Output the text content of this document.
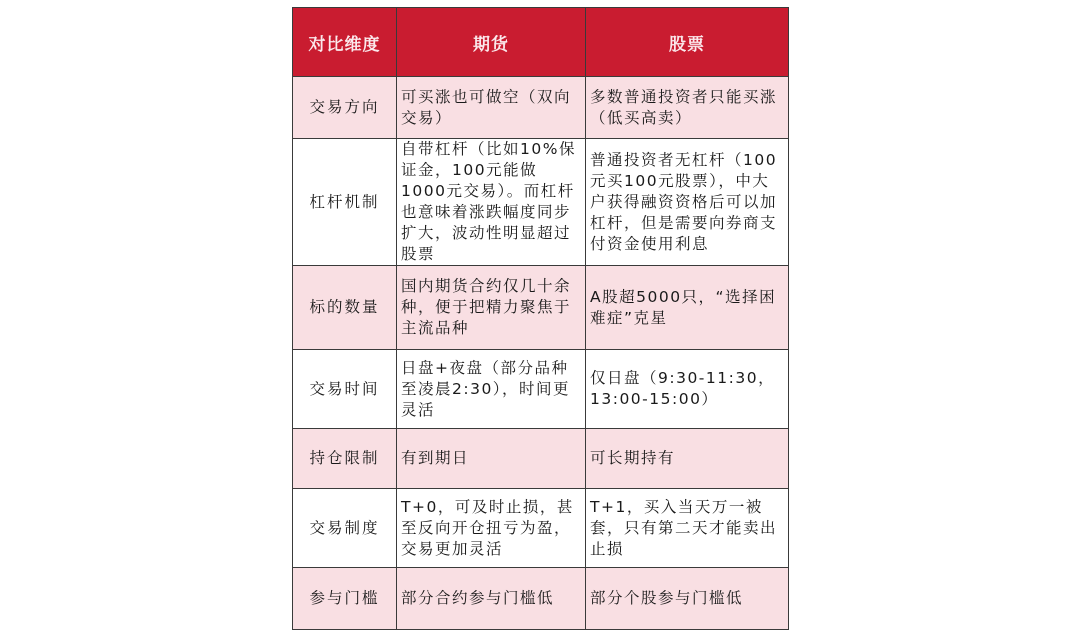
对比维度	期货	股票
交易方向	可买涨也可做空（双向交易）	多数普通投资者只能买涨（低买高卖）
杠杆机制	自带杠杆（比如10%保证金，100元能做1000元交易）。而杠杆也意味着涨跌幅度同步扩大，波动性明显超过股票	普通投资者无杠杆（100元买100元股票），中大户获得融资资格后可以加杠杆，但是需要向券商支付资金使用利息
标的数量	国内期货合约仅几十余种，便于把精力聚焦于主流品种	A股超5000只，“选择困难症”克星
交易时间	日盘+夜盘（部分品种至凌晨2:30），时间更灵活	仅日盘（9:30-11:30，13:00-15:00）
持仓限制	有到期日	可长期持有
交易制度	T+0，可及时止损，甚至反向开仓扭亏为盈，交易更加灵活	T+1，买入当天万一被套，只有第二天才能卖出止损
参与门槛	部分合约参与门槛低	部分个股参与门槛低
